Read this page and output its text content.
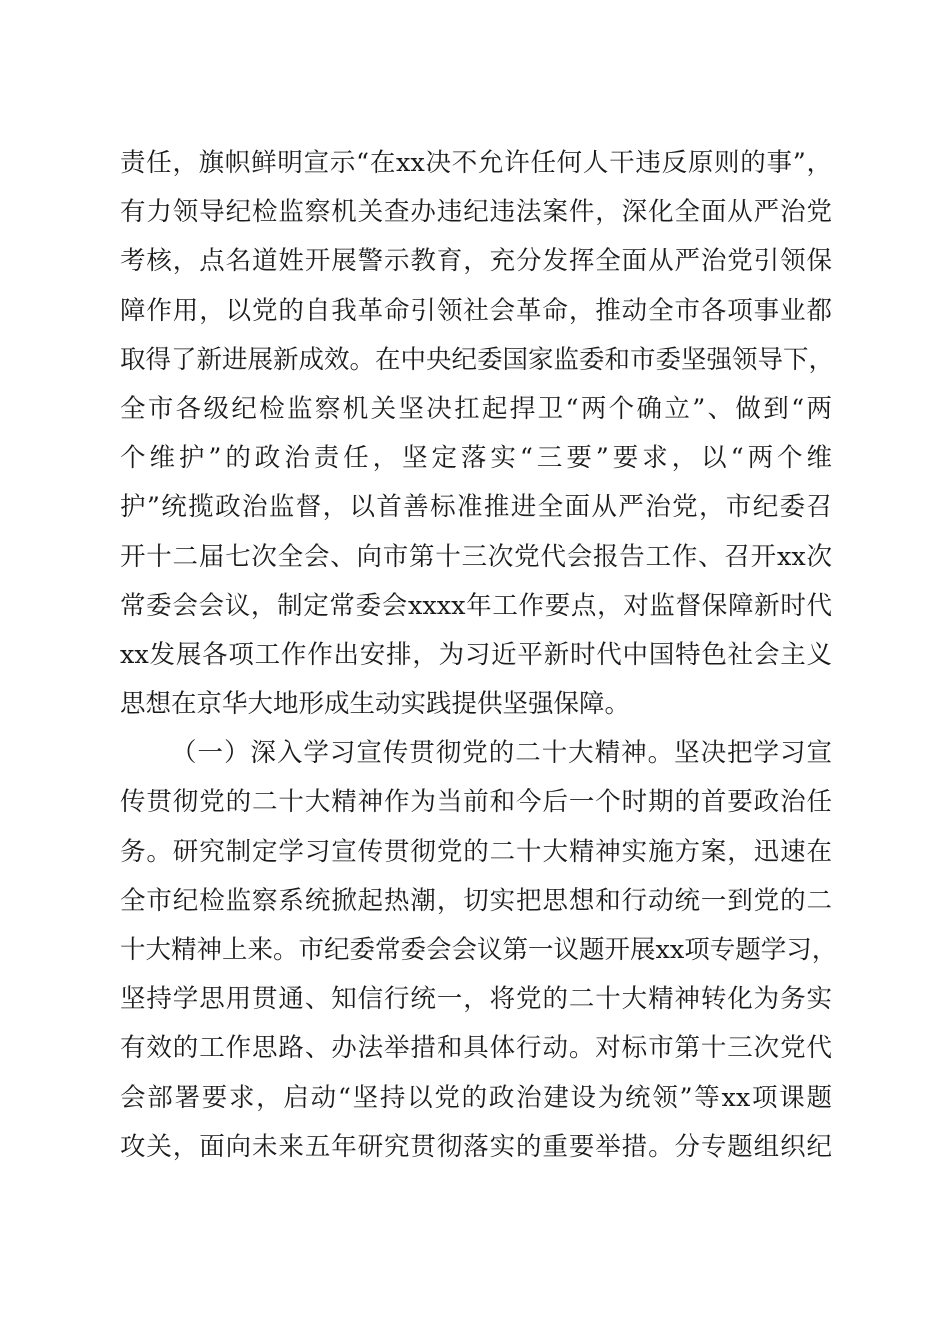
责任，旗帜鲜明宣示“在xx决不允许任何人干违反原则的事”，
有力领导纪检监察机关查办违纪违法案件，深化全面从严治党
考核，点名道姓开展警示教育，充分发挥全面从严治党引领保
障作用，以党的自我革命引领社会革命，推动全市各项事业都
取得了新进展新成效。在中央纪委国家监委和市委坚强领导下，
全市各级纪检监察机关坚决扛起捍卫“两个确立”、做到“两
个维护”的政治责任，坚定落实“三要”要求，以“两个维
护”统揽政治监督，以首善标准推进全面从严治党，市纪委召
开十二届七次全会、向市第十三次党代会报告工作、召开xx次
常委会会议，制定常委会xxxx年工作要点，对监督保障新时代
xx发展各项工作作出安排，为习近平新时代中国特色社会主义
思想在京华大地形成生动实践提供坚强保障。
（一）深入学习宣传贯彻党的二十大精神。坚决把学习宣
传贯彻党的二十大精神作为当前和今后一个时期的首要政治任
务。研究制定学习宣传贯彻党的二十大精神实施方案，迅速在
全市纪检监察系统掀起热潮，切实把思想和行动统一到党的二
十大精神上来。市纪委常委会会议第一议题开展xx项专题学习，
坚持学思用贯通、知信行统一，将党的二十大精神转化为务实
有效的工作思路、办法举措和具体行动。对标市第十三次党代
会部署要求，启动“坚持以党的政治建设为统领”等xx项课题
攻关，面向未来五年研究贯彻落实的重要举措。分专题组织纪
